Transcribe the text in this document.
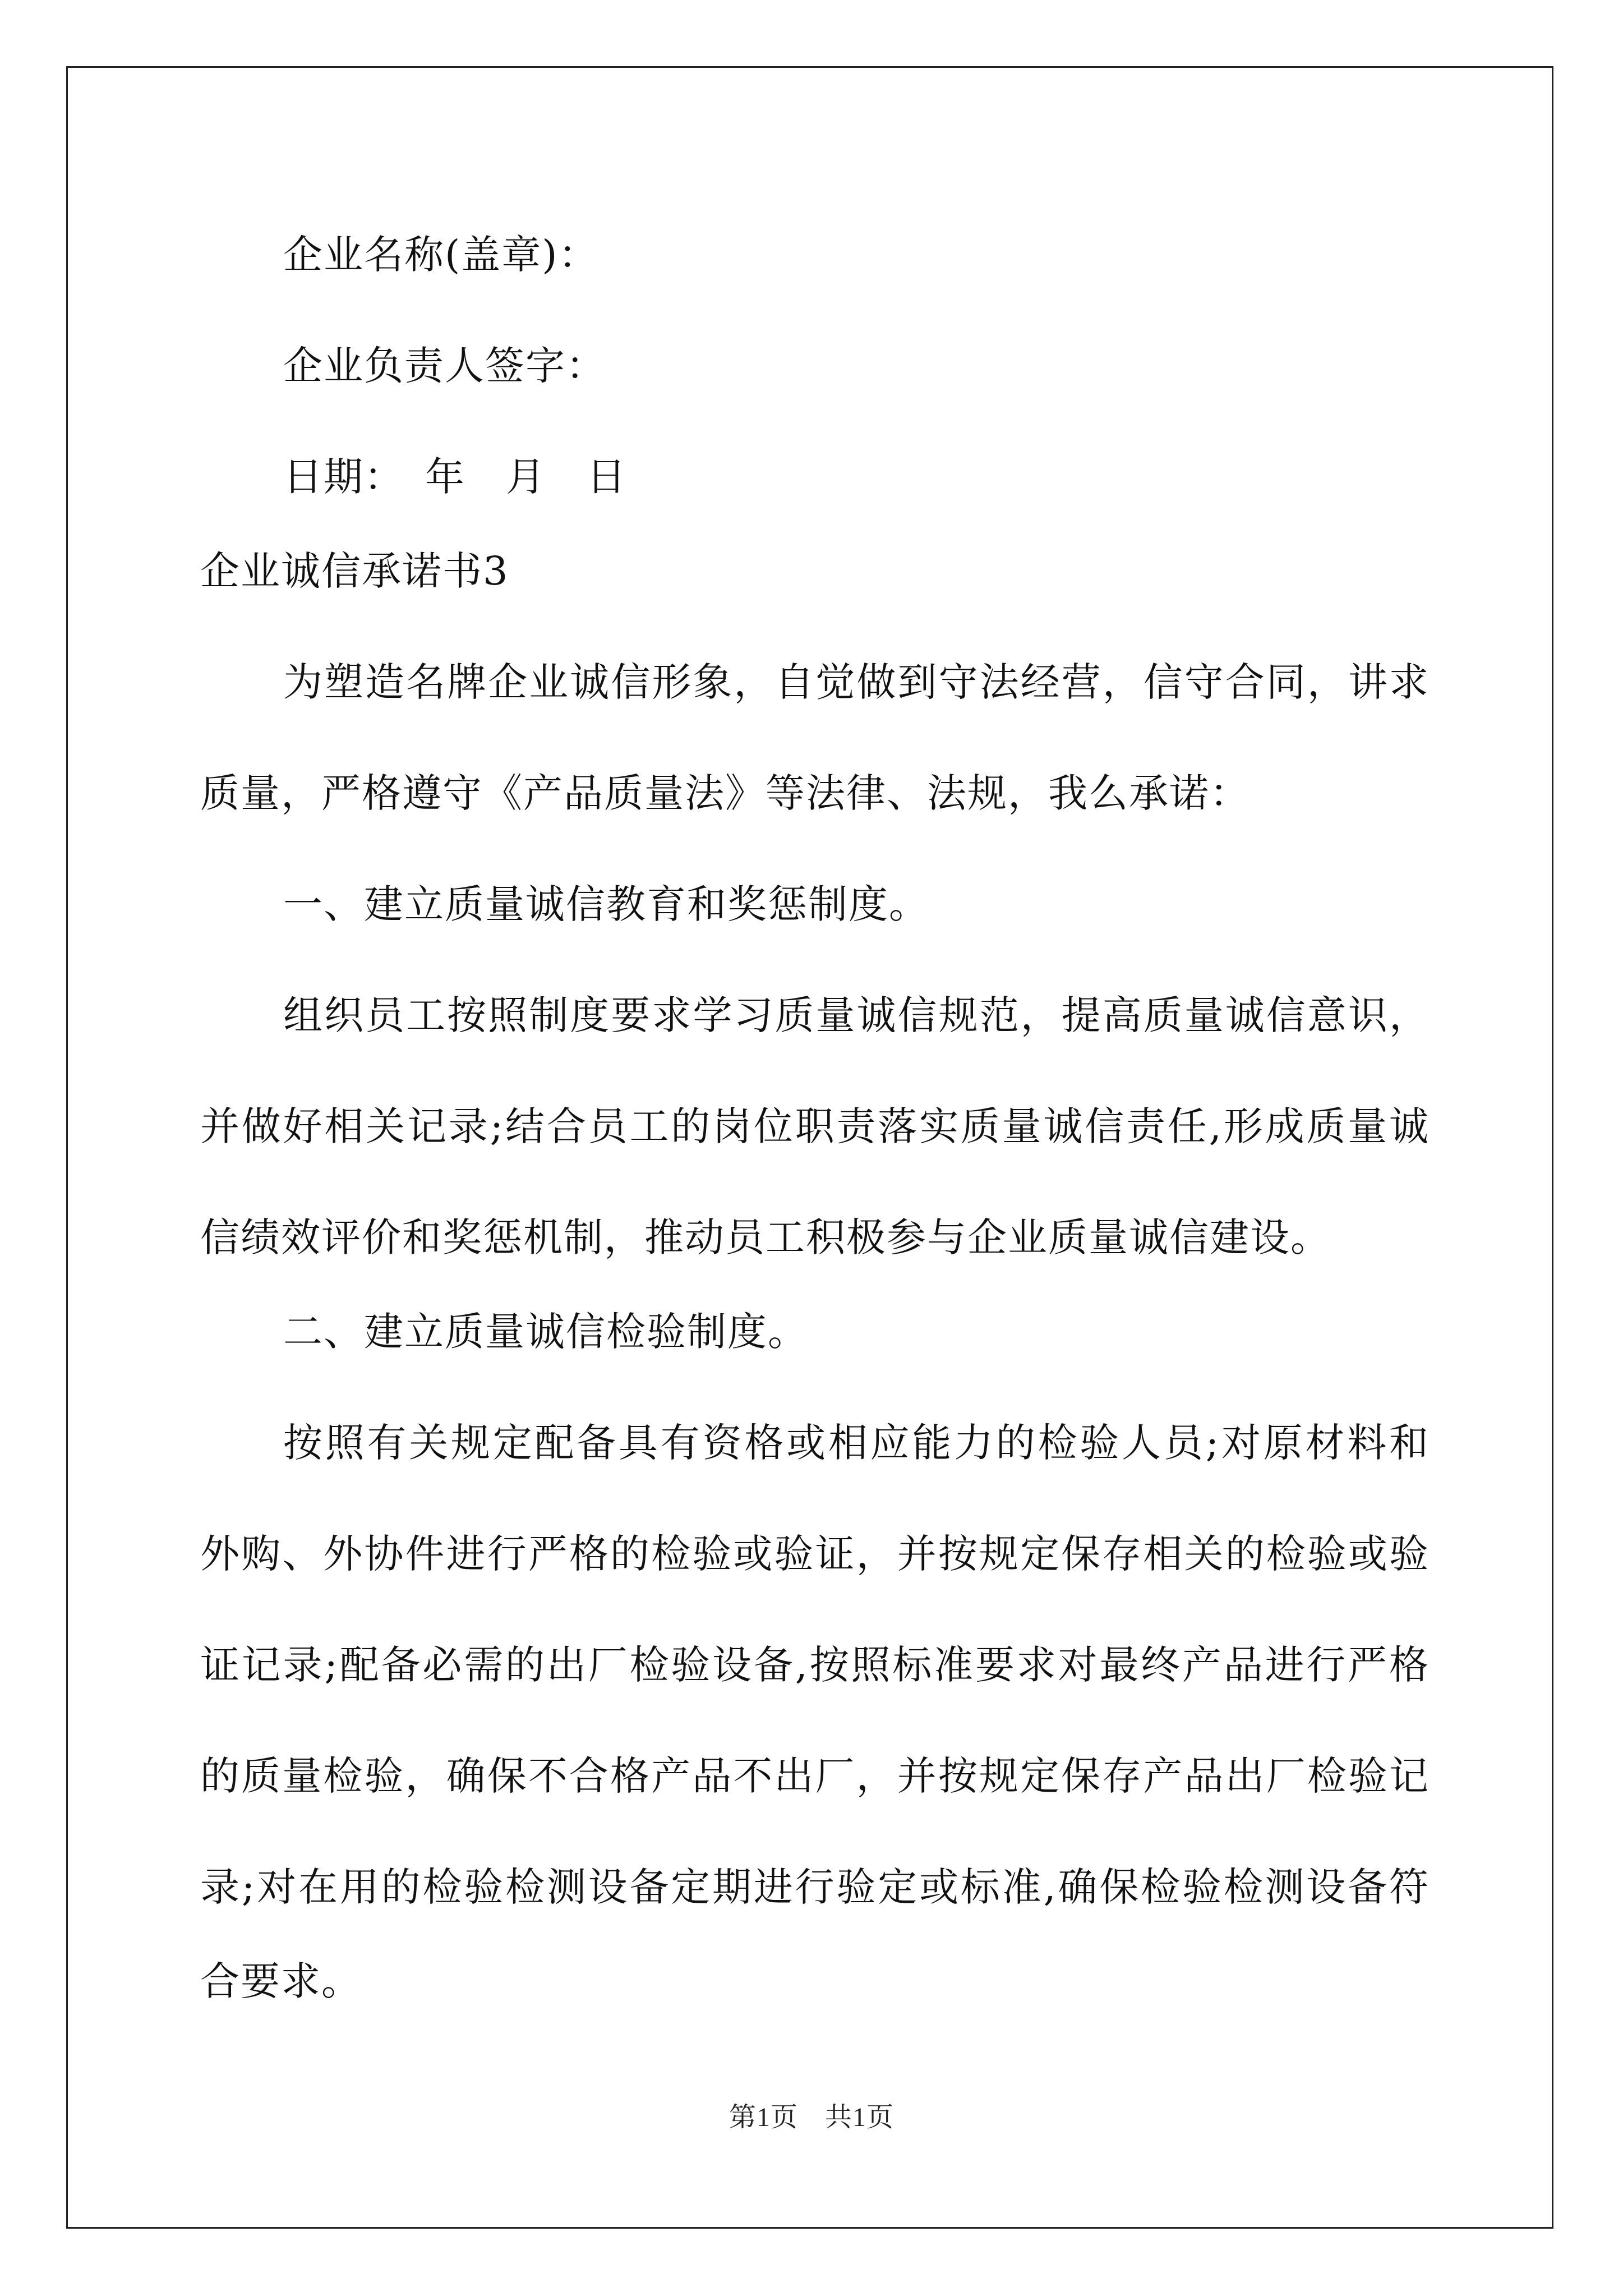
企业名称(盖章)：
企业负责人签字：
日期：　年　月　日
企业诚信承诺书3
为塑造名牌企业诚信形象，自觉做到守法经营，信守合同，讲求
质量，严格遵守《产品质量法》等法律、法规，我么承诺：
一、建立质量诚信教育和奖惩制度。
组织员工按照制度要求学习质量诚信规范，提高质量诚信意识，
并做好相关记录;结合员工的岗位职责落实质量诚信责任,形成质量诚
信绩效评价和奖惩机制，推动员工积极参与企业质量诚信建设。
二、建立质量诚信检验制度。
按照有关规定配备具有资格或相应能力的检验人员;对原材料和
外购、外协件进行严格的检验或验证，并按规定保存相关的检验或验
证记录;配备必需的出厂检验设备,按照标准要求对最终产品进行严格
的质量检验，确保不合格产品不出厂，并按规定保存产品出厂检验记
录;对在用的检验检测设备定期进行验定或标准,确保检验检测设备符
合要求。
第1页 共1页
